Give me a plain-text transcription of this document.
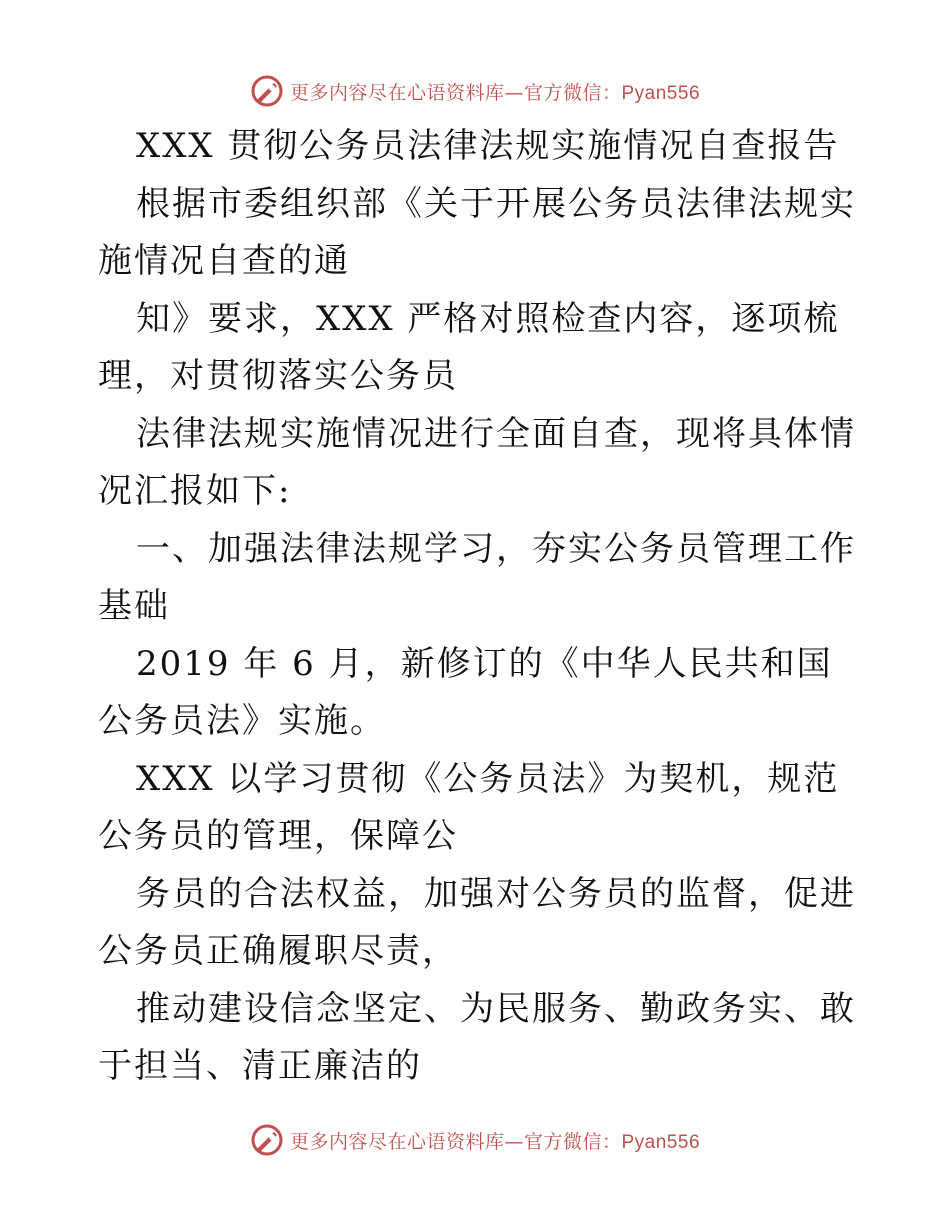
更多内容尽在心语资料库—官方微信：Pyan556

XXX 贯彻公务员法律法规实施情况自查报告

根据市委组织部《关于开展公务员法律法规实施情况自查的通

知》要求，XXX 严格对照检查内容，逐项梳理，对贯彻落实公务员

法律法规实施情况进行全面自查，现将具体情况汇报如下:

一、加强法律法规学习，夯实公务员管理工作基础

2019 年 6 月，新修订的《中华人民共和国公务员法》实施。

XXX 以学习贯彻《公务员法》为契机，规范公务员的管理，保障公

务员的合法权益，加强对公务员的监督，促进公务员正确履职尽责，

推动建设信念坚定、为民服务、勤政务实、敢于担当、清正廉洁的

更多内容尽在心语资料库—官方微信：Pyan556
